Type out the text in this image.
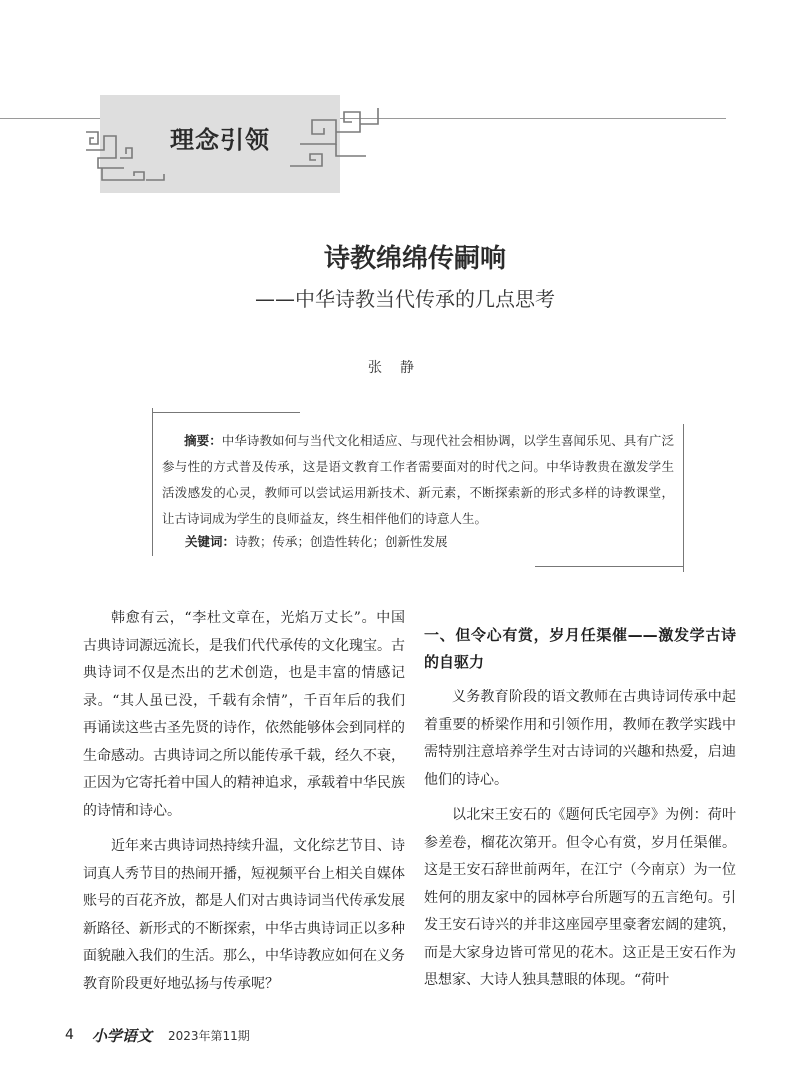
理念引领
诗教绵绵传嗣响
——中华诗教当代传承的几点思考
张静
摘要：中华诗教如何与当代文化相适应、与现代社会相协调，以学生喜闻乐见、具有广泛参与性的方式普及传承，这是语文教育工作者需要面对的时代之问。中华诗教贵在激发学生活泼感发的心灵，教师可以尝试运用新技术、新元素，不断探索新的形式多样的诗教课堂，让古诗词成为学生的良师益友，终生相伴他们的诗意人生。
关键词：诗教；传承；创造性转化；创新性发展

韩愈有云，“李杜文章在，光焰万丈长”。中国古典诗词源远流长，是我们代代承传的文化瑰宝。古典诗词不仅是杰出的艺术创造，也是丰富的情感记录。“其人虽已没，千载有余情”，千百年后的我们再诵读这些古圣先贤的诗作，依然能够体会到同样的生命感动。古典诗词之所以能传承千载，经久不衰，正因为它寄托着中国人的精神追求，承载着中华民族的诗情和诗心。

近年来古典诗词热持续升温，文化综艺节目、诗词真人秀节目的热闹开播，短视频平台上相关自媒体账号的百花齐放，都是人们对古典诗词当代传承发展新路径、新形式的不断探索，中华古典诗词正以多种面貌融入我们的生活。那么，中华诗教应如何在义务教育阶段更好地弘扬与传承呢？

一、但令心有赏，岁月任渠催——激发学古诗的自驱力

义务教育阶段的语文教师在古典诗词传承中起着重要的桥梁作用和引领作用，教师在教学实践中需特别注意培养学生对古诗词的兴趣和热爱，启迪他们的诗心。

以北宋王安石的《题何氏宅园亭》为例：荷叶参差卷，榴花次第开。但令心有赏，岁月任渠催。这是王安石辞世前两年，在江宁（今南京）为一位姓何的朋友家中的园林亭台所题写的五言绝句。引发王安石诗兴的并非这座园亭里豪奢宏阔的建筑，而是大家身边皆可常见的花木。这正是王安石作为思想家、大诗人独具慧眼的体现。“荷叶

4 小学语文 2023年第11期
